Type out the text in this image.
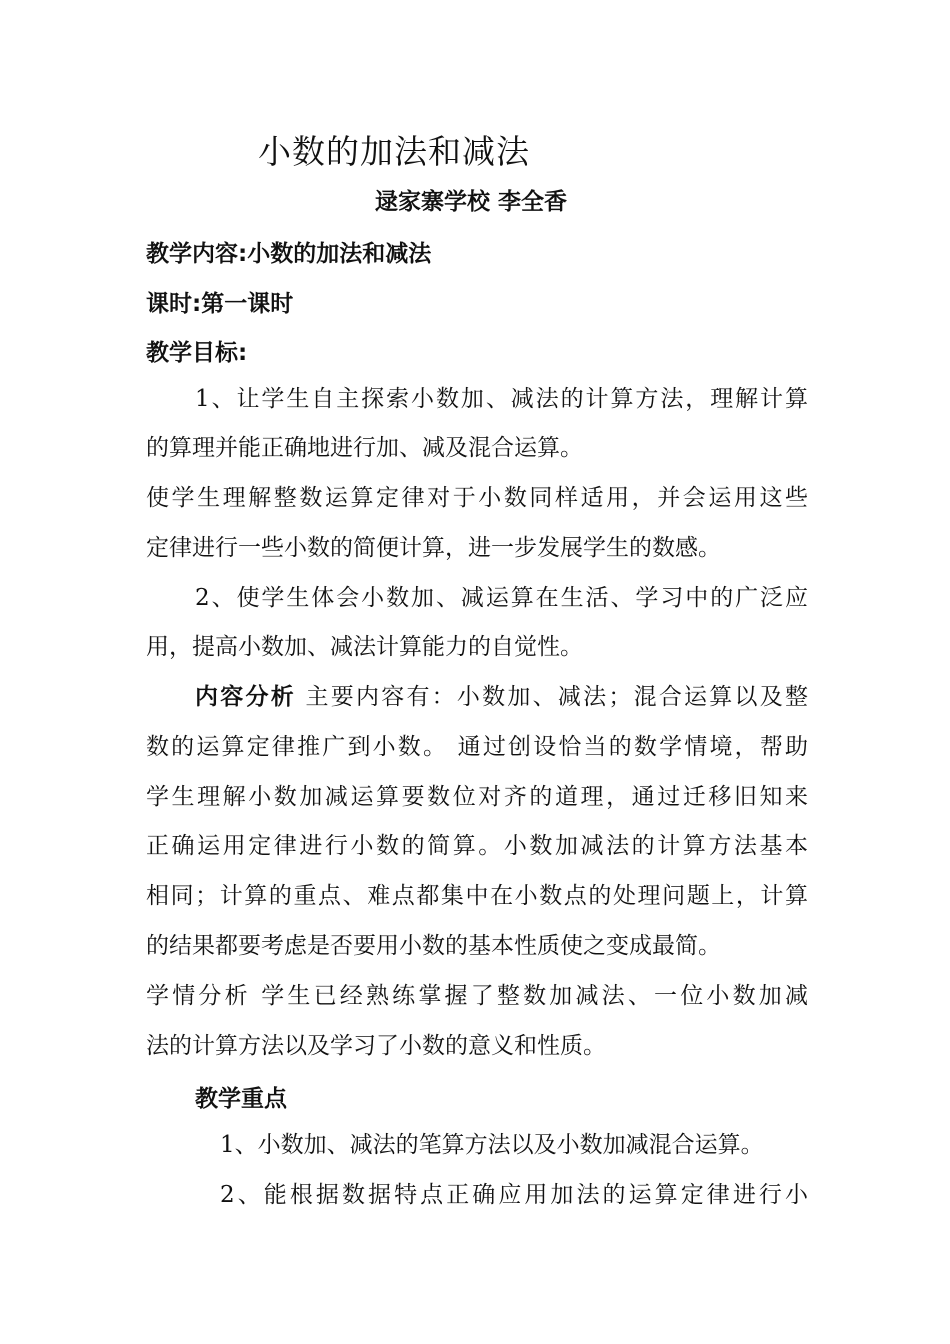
小数的加法和减法
逯家寨学校 李全香
教学内容:小数的加法和减法
课时:第一课时
教学目标:
1、让学生自主探索小数加、减法的计算方法，理解计算
的算理并能正确地进行加、减及混合运算。
使学生理解整数运算定律对于小数同样适用，并会运用这些
定律进行一些小数的简便计算，进一步发展学生的数感。
2、使学生体会小数加、减运算在生活、学习中的广泛应
用，提高小数加、减法计算能力的自觉性。
内容分析 主要内容有：小数加、减法；混合运算以及整
数的运算定律推广到小数。 通过创设恰当的数学情境，帮助
学生理解小数加减运算要数位对齐的道理，通过迁移旧知来
正确运用定律进行小数的简算。小数加减法的计算方法基本
相同；计算的重点、难点都集中在小数点的处理问题上，计算
的结果都要考虑是否要用小数的基本性质使之变成最简。
学情分析 学生已经熟练掌握了整数加减法、一位小数加减
法的计算方法以及学习了小数的意义和性质。
教学重点
1、小数加、减法的笔算方法以及小数加减混合运算。
2、能根据数据特点正确应用加法的运算定律进行小
